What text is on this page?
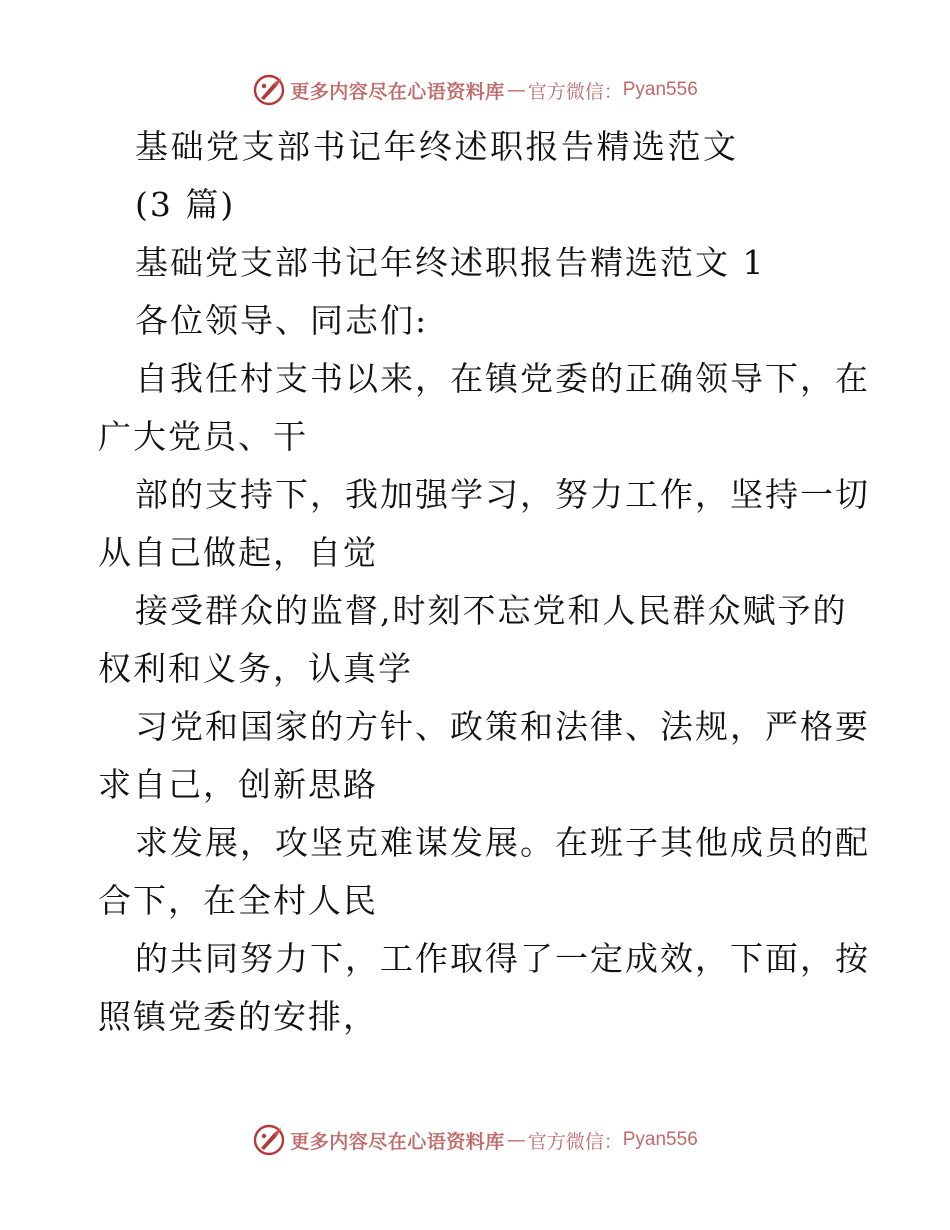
更多内容尽在心语资料库 — 官方微信： Pyan556
基础党支部书记年终述职报告精选范文
(3 篇)
基础党支部书记年终述职报告精选范文 1
各位领导、同志们:
自我任村支书以来，在镇党委的正确领导下，在
广大党员、干
部的支持下，我加强学习，努力工作，坚持一切
从自己做起，自觉
接受群众的监督,时刻不忘党和人民群众赋予的
权利和义务，认真学
习党和国家的方针、政策和法律、法规，严格要
求自己，创新思路
求发展，攻坚克难谋发展。在班子其他成员的配
合下，在全村人民
的共同努力下，工作取得了一定成效，下面，按
照镇党委的安排，
更多内容尽在心语资料库 — 官方微信： Pyan556
